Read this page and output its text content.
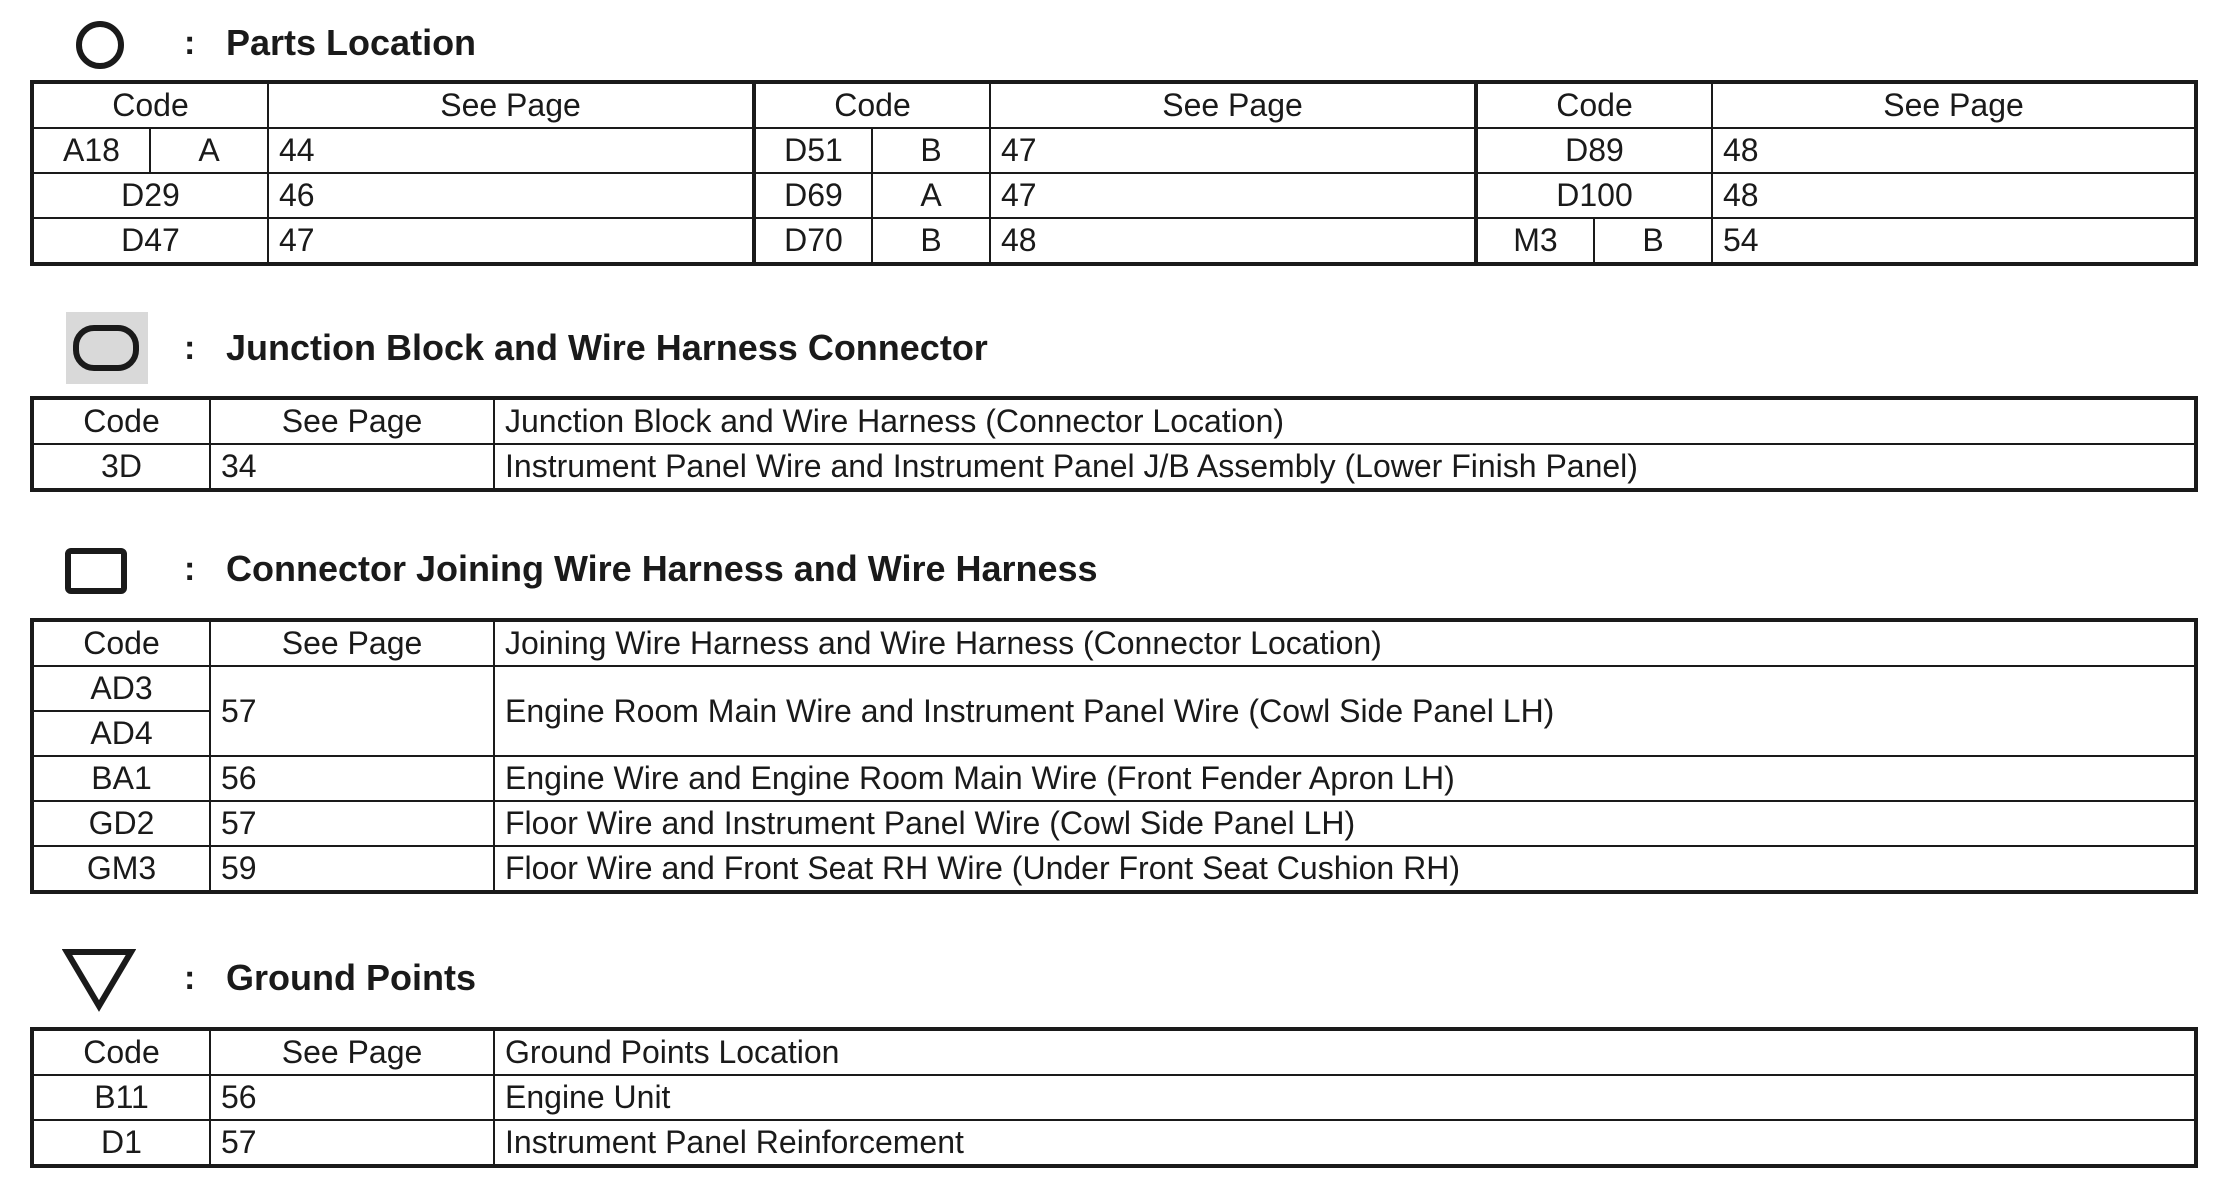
: Parts Location
Code		See Page	Code		See Page	Code		See Page
A18	A	44	D51	B	47	D89		48
D29		46	D69	A	47	D100		48
D47		47	D70	B	48	M3	B	54
: Junction Block and Wire Harness Connector
Code	See Page	Junction Block and Wire Harness (Connector Location)
3D	34	Instrument Panel Wire and Instrument Panel J/B Assembly (Lower Finish Panel)
: Connector Joining Wire Harness and Wire Harness
Code	See Page	Joining Wire Harness and Wire Harness (Connector Location)
AD3	57	Engine Room Main Wire and Instrument Panel Wire (Cowl Side Panel LH)
AD4		
BA1	56	Engine Wire and Engine Room Main Wire (Front Fender Apron LH)
GD2	57	Floor Wire and Instrument Panel Wire (Cowl Side Panel LH)
GM3	59	Floor Wire and Front Seat RH Wire (Under Front Seat Cushion RH)
: Ground Points
Code	See Page	Ground Points Location
B11	56	Engine Unit
D1	57	Instrument Panel Reinforcement
